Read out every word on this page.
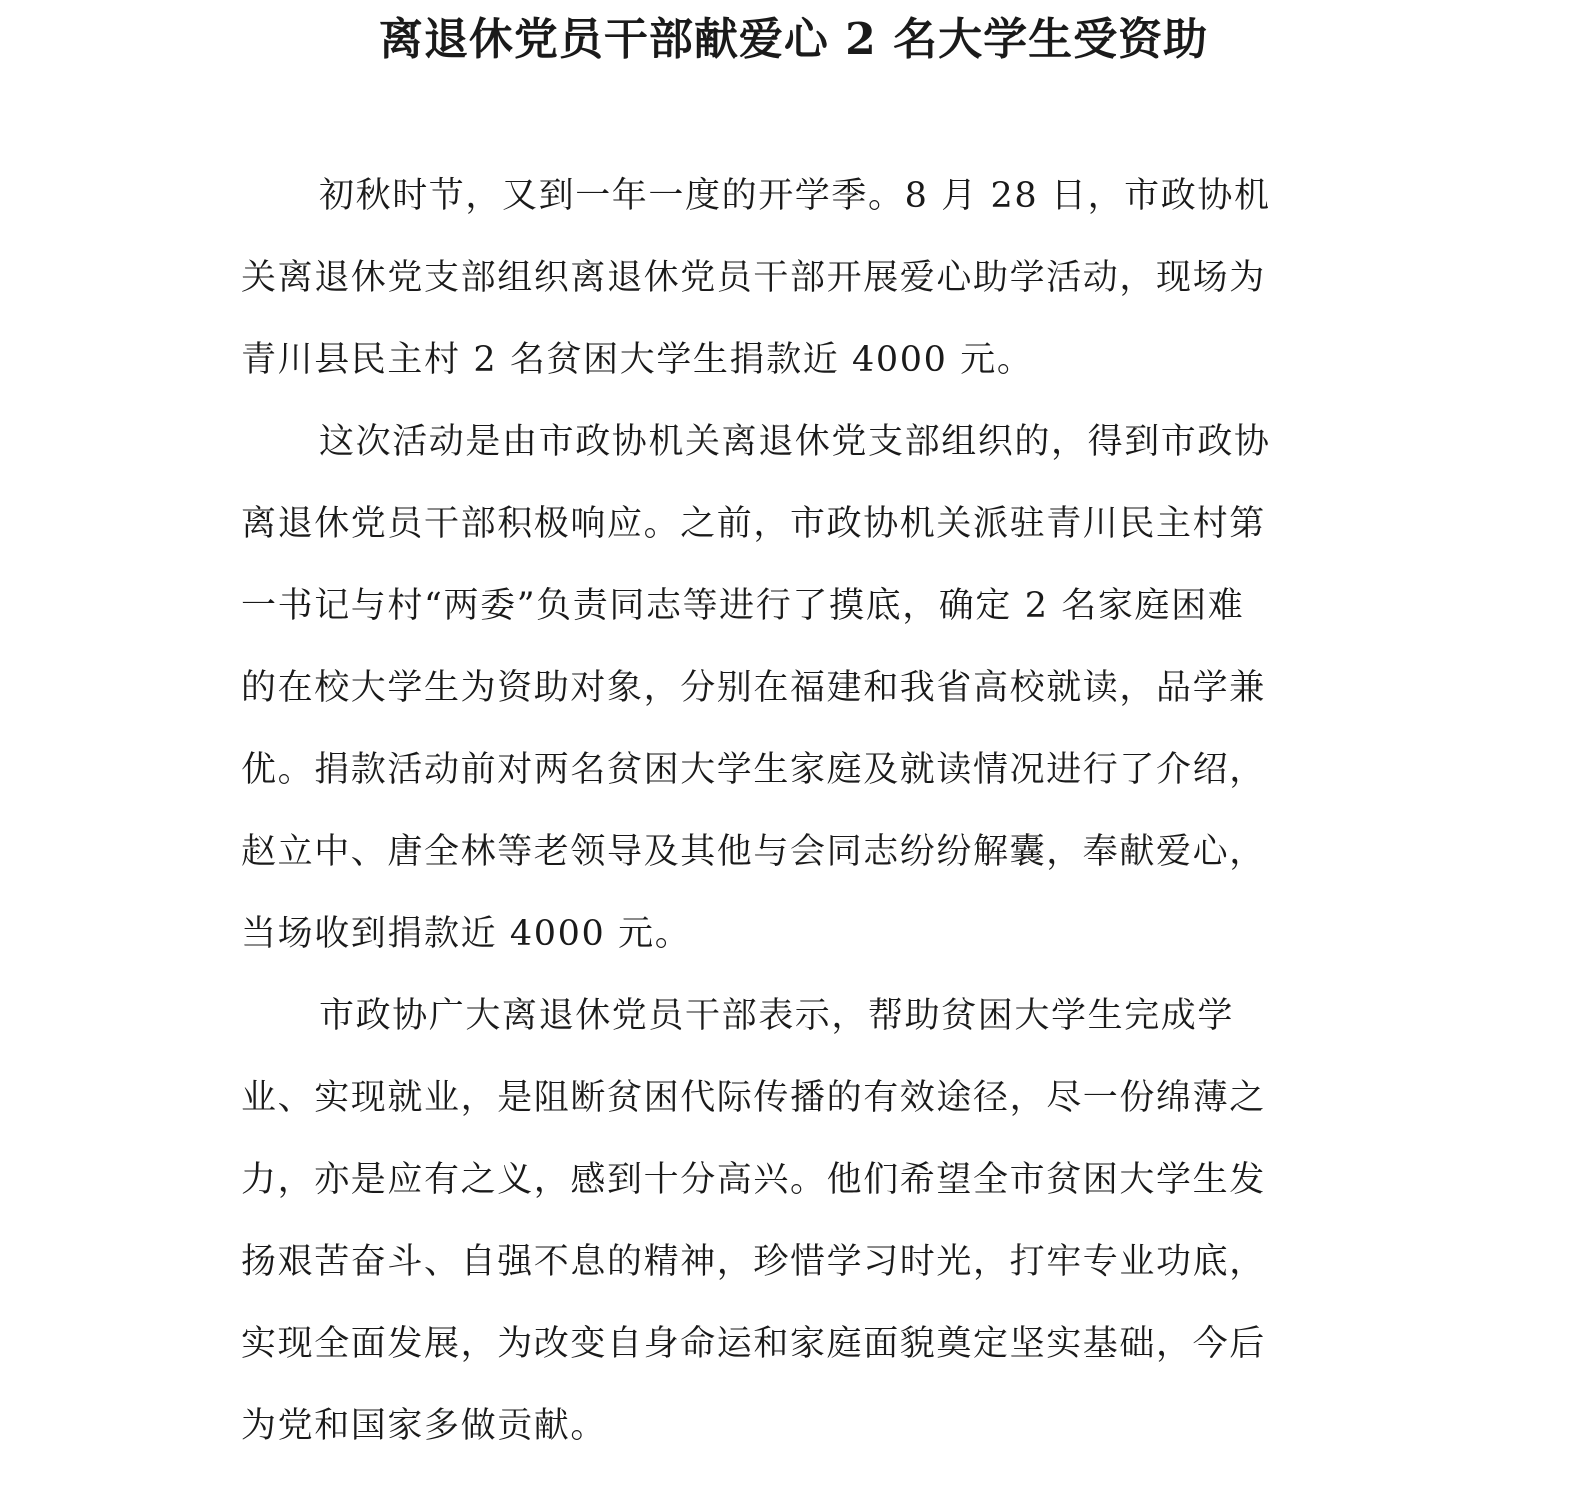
离退休党员干部献爱心 2 名大学生受资助

初秋时节，又到一年一度的开学季。8 月 28 日，市政协机
关离退休党支部组织离退休党员干部开展爱心助学活动，现场为
青川县民主村 2 名贫困大学生捐款近 4000 元。

这次活动是由市政协机关离退休党支部组织的，得到市政协
离退休党员干部积极响应。之前，市政协机关派驻青川民主村第
一书记与村“两委”负责同志等进行了摸底，确定 2 名家庭困难
的在校大学生为资助对象，分别在福建和我省高校就读，品学兼
优。捐款活动前对两名贫困大学生家庭及就读情况进行了介绍，
赵立中、唐全林等老领导及其他与会同志纷纷解囊，奉献爱心，
当场收到捐款近 4000 元。

市政协广大离退休党员干部表示，帮助贫困大学生完成学
业、实现就业，是阻断贫困代际传播的有效途径，尽一份绵薄之
力，亦是应有之义，感到十分高兴。他们希望全市贫困大学生发
扬艰苦奋斗、自强不息的精神，珍惜学习时光，打牢专业功底，
实现全面发展，为改变自身命运和家庭面貌奠定坚实基础，今后
为党和国家多做贡献。
